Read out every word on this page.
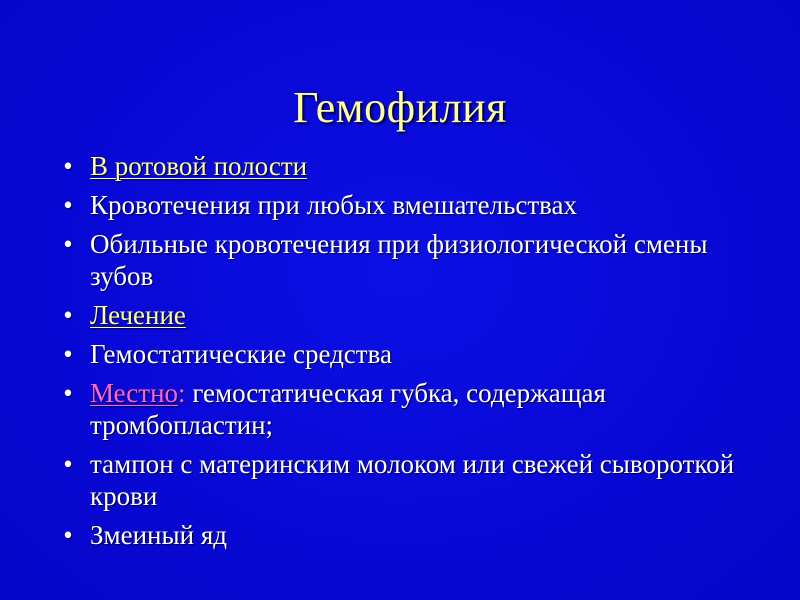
Гемофилия
• В ротовой полости
• Кровотечения при любых вмешательствах
• Обильные кровотечения при физиологической смены зубов
• Лечение
• Гемостатические средства
• Местно: гемостатическая губка, содержащая тромбопластин;
• тампон с материнским молоком или свежей сывороткой крови
• Змеиный яд
